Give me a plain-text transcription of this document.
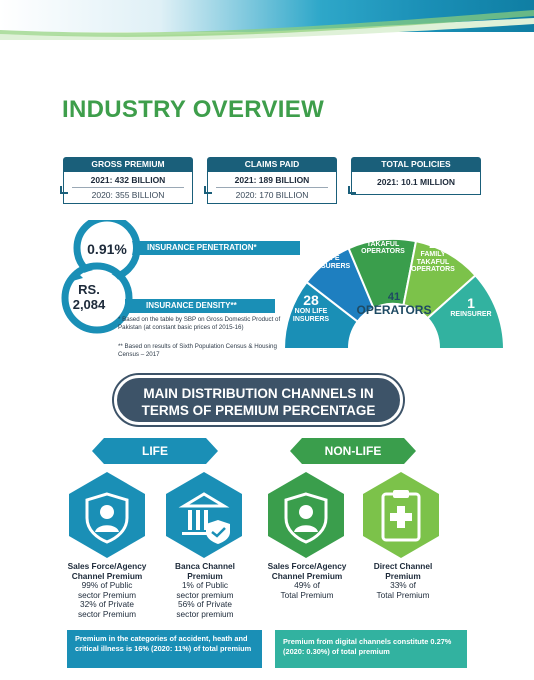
INDUSTRY OVERVIEW
GROSS PREMIUM
2021: 432 BILLION
2020: 355 BILLION
CLAIMS PAID
2021: 189 BILLION
2020: 170 BILLION
TOTAL POLICIES
2021: 10.1 MILLION
0.91%	INSURANCE PENETRATION*
RS.
2,084	INSURANCE DENSITY**
* Based on the table by SBP on Gross Domestic Product of Pakistan (at constant basic prices of 2015-16)
** Based on results of Sixth Population Census & Housing Census – 2017
41
OPERATORS
28
NON LIFE INSURERS
8
LIFE INSURERS
2
GENERAL TAKAFUL OPERATORS
2
FAMILY TAKAFUL OPERATORS
1
REINSURER
MAIN DISTRIBUTION CHANNELS IN
TERMS OF PREMIUM PERCENTAGE
LIFE	NON-LIFE
Sales Force/Agency
Channel Premium
99% of Public
sector Premium
32% of Private
sector Premium
Banca Channel
Premium
1% of Public
sector premium
56% of Private
sector premium
Sales Force/Agency
Channel Premium
49% of
Total Premium
Direct Channel
Premium
33% of
Total Premium
Premium in the categories of accident, heath and critical illness is 16% (2020: 11%) of total premium
Premium from digital channels constitute 0.27% (2020: 0.30%) of total premium
